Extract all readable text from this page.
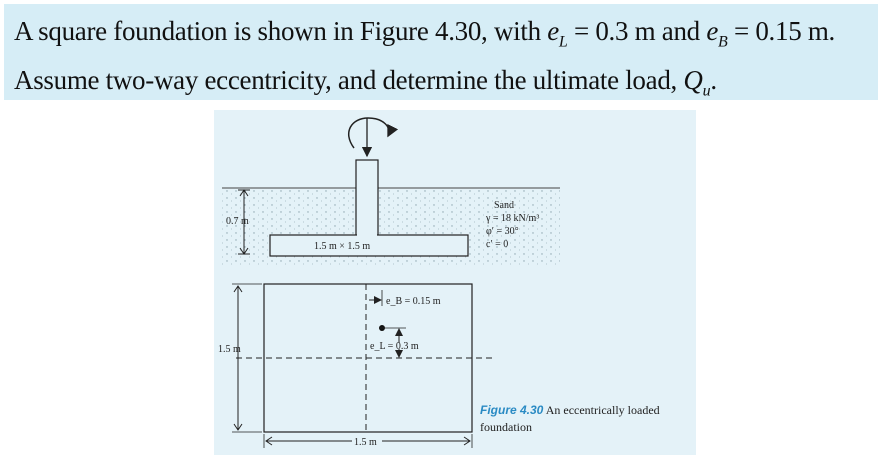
A square foundation is shown in Figure 4.30, with $e_L = 0.3$ m and $e_B = 0.15$ m. Assume two-way eccentricity, and determine the ultimate load, $Q_u$.
0.7 m
1.5 m × 1.5 m
Sand
γ = 18 kN/m³
φ′ = 30°
c′ = 0
e_B = 0.15 m
e_L = 0.3 m
1.5 m
1.5 m
Figure 4.30 An eccentrically loaded foundation
